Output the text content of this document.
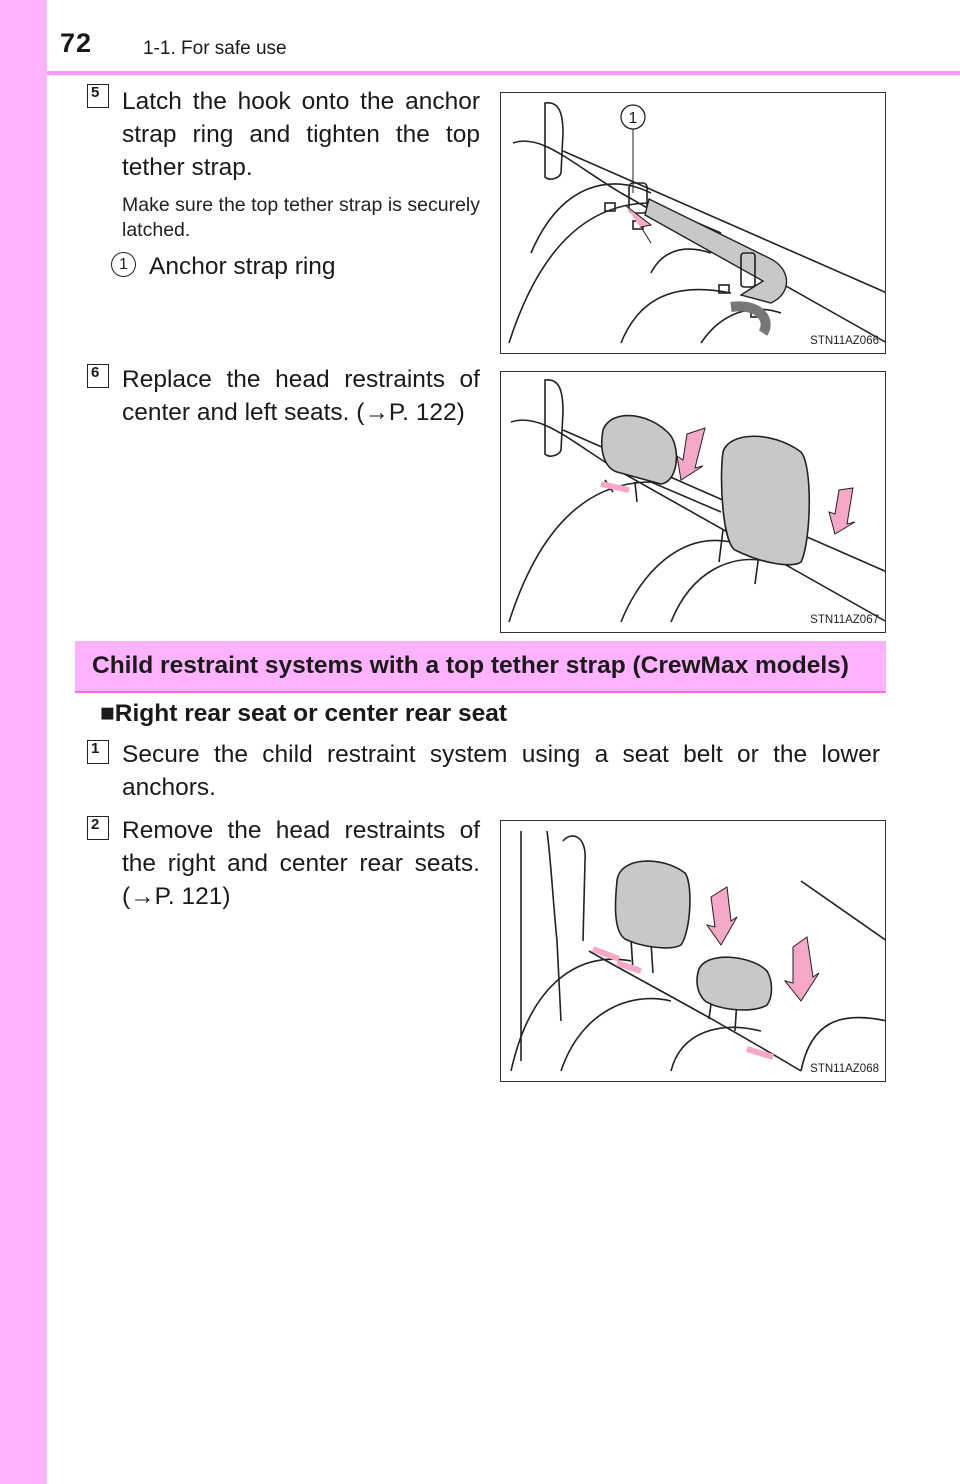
72	1-1. For safe use
5 Latch the hook onto the anchor strap ring and tighten the top tether strap.
Make sure the top tether strap is securely latched.
1 Anchor strap ring
1
STN11AZ066
6 Replace the head restraints of center and left seats. (→P. 122)
STN11AZ067
Child restraint systems with a top tether strap (CrewMax models)
■Right rear seat or center rear seat
1 Secure the child restraint system using a seat belt or the lower anchors.
2 Remove the head restraints of the right and center rear seats. (→P. 121)
STN11AZ068
